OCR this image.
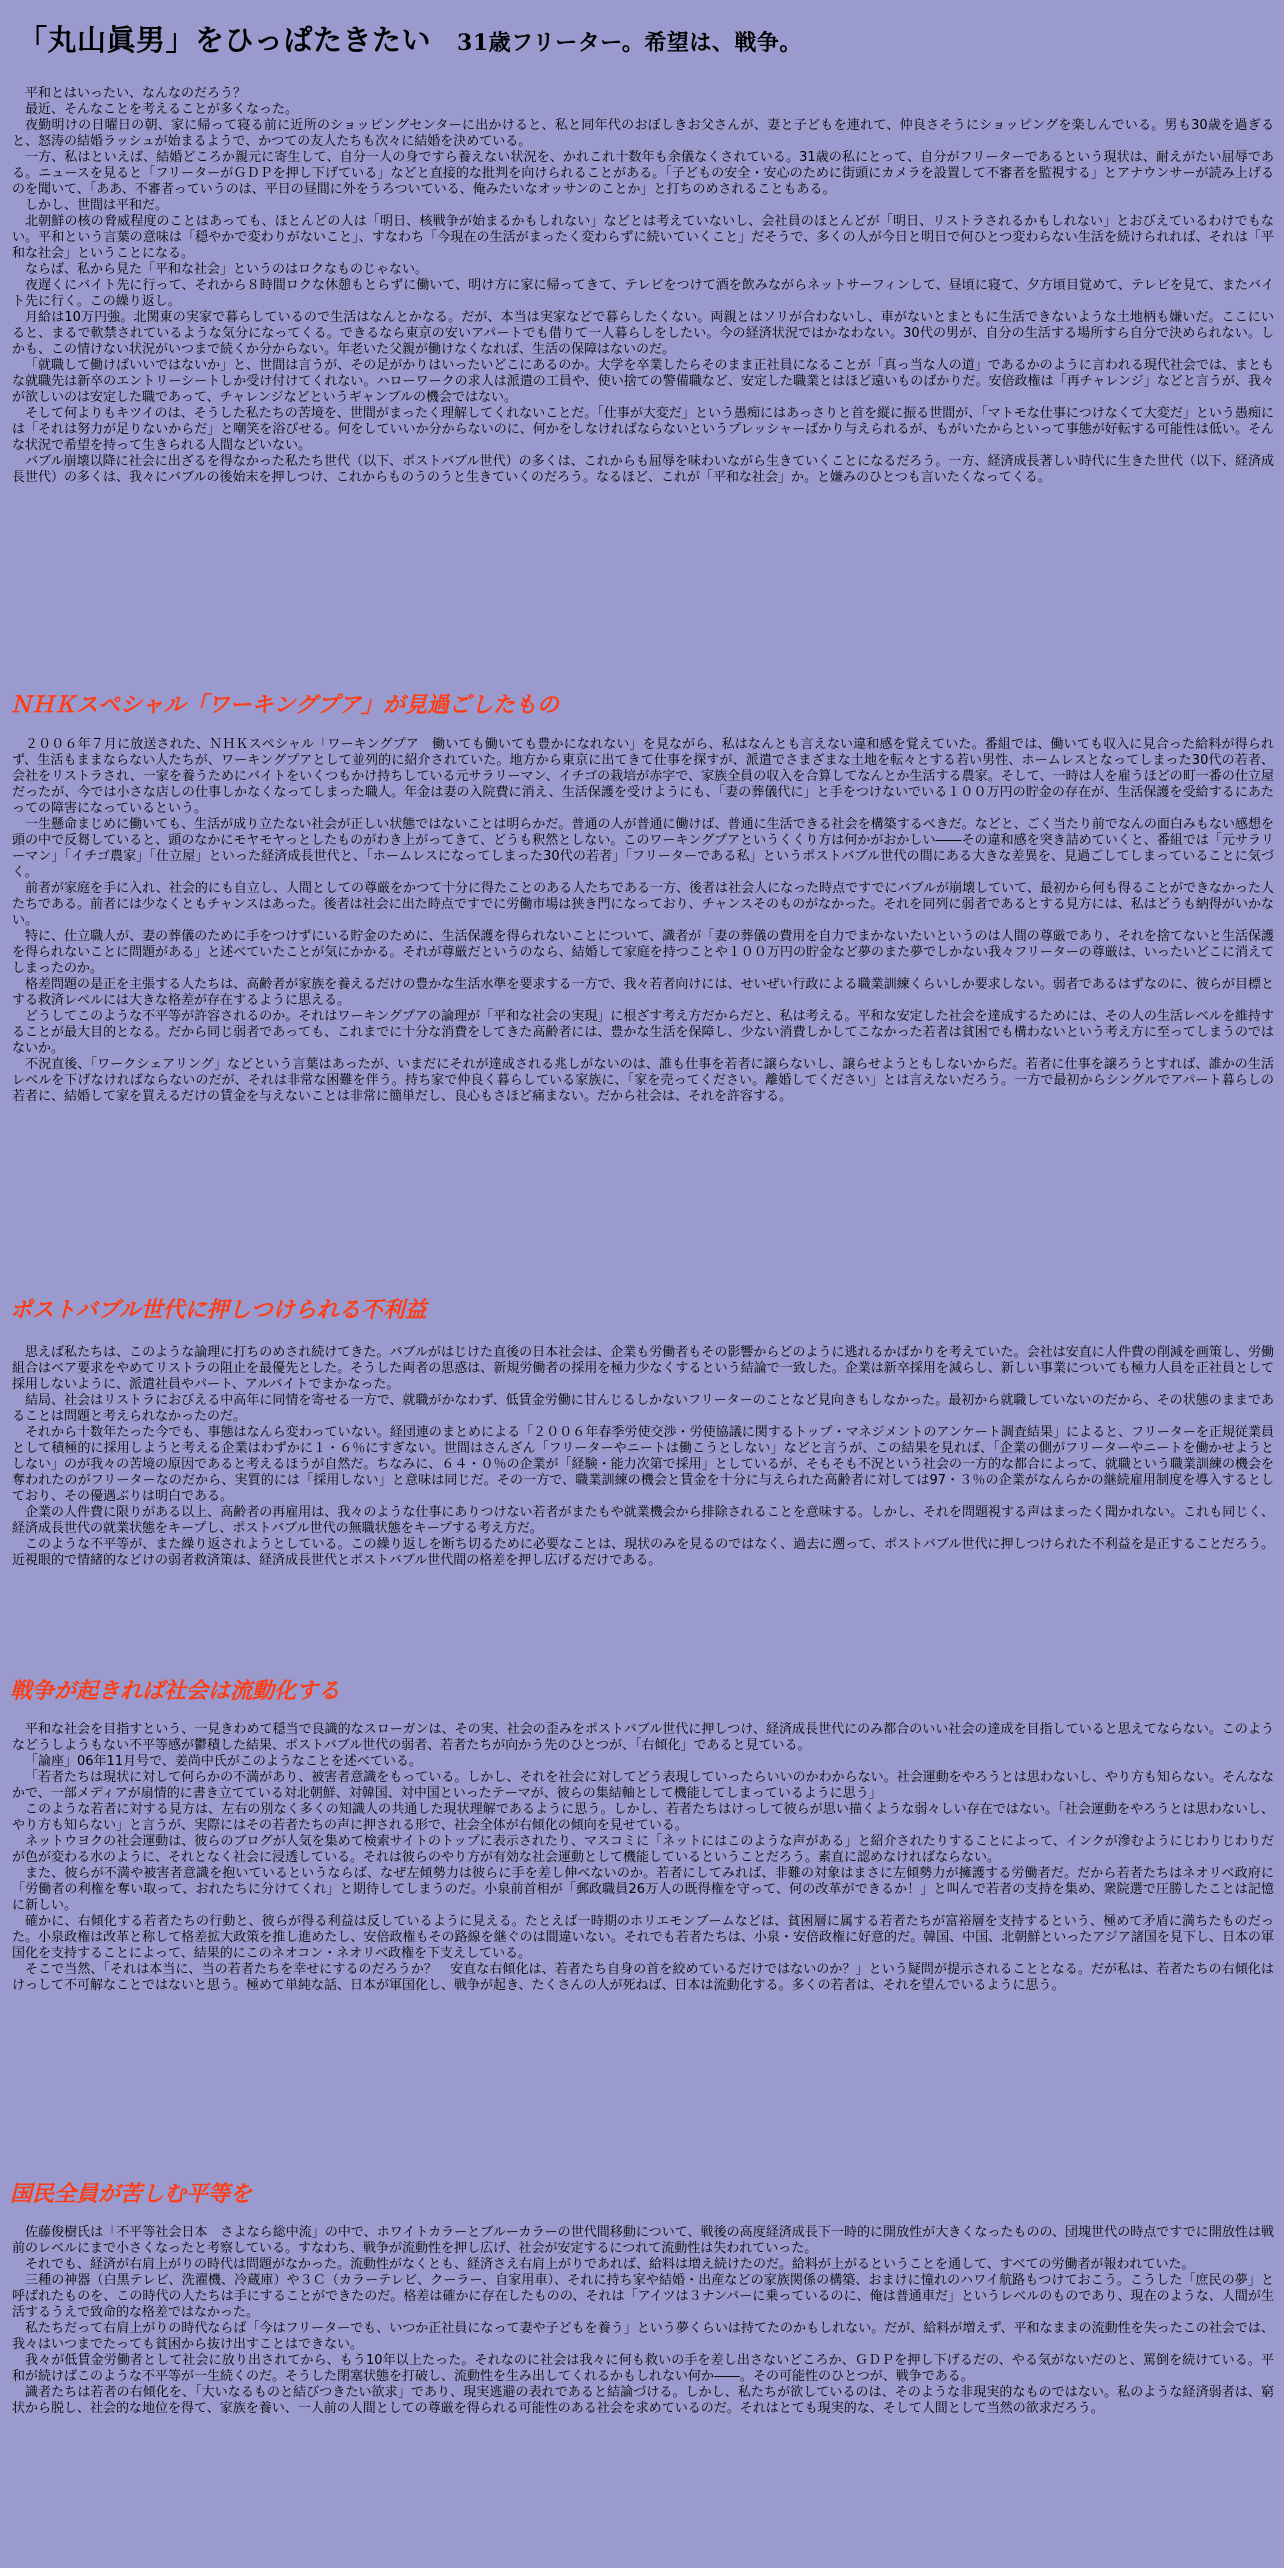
「丸山眞男」をひっぱたきたい 31歳フリーター。希望は、戦争。

平和とはいったい、なんなのだろう？

最近、そんなことを考えることが多くなった。

夜勤明けの日曜日の朝、家に帰って寝る前に近所のショッピングセンターに出かけると、私と同年代のおぼしきお父さんが、妻と子どもを連れて、仲良さそうにショッピングを楽しんでいる。男も30歳を過ぎると、怒涛の結婚ラッシュが始まるようで、かつての友人たちも次々に結婚を決めている。

一方、私はといえば、結婚どころか親元に寄生して、自分一人の身ですら養えない状況を、かれこれ十数年も余儀なくされている。31歳の私にとって、自分がフリーターであるという現状は、耐えがたい屈辱である。ニュースを見ると「フリーターがＧＤＰを押し下げている」などと直接的な批判を向けられることがある。「子どもの安全・安心のために街頭にカメラを設置して不審者を監視する」とアナウンサーが読み上げるのを聞いて、「ああ、不審者っていうのは、平日の昼間に外をうろついている、俺みたいなオッサンのことか」と打ちのめされることもある。

しかし、世間は平和だ。

北朝鮮の核の脅威程度のことはあっても、ほとんどの人は「明日、核戦争が始まるかもしれない」などとは考えていないし、会社員のほとんどが「明日、リストラされるかもしれない」とおびえているわけでもない。平和という言葉の意味は「穏やかで変わりがないこと」、すなわち「今現在の生活がまったく変わらずに続いていくこと」だそうで、多くの人が今日と明日で何ひとつ変わらない生活を続けられれば、それは「平和な社会」ということになる。

ならば、私から見た「平和な社会」というのはロクなものじゃない。

夜遅くにバイト先に行って、それから８時間ロクな休憩もとらずに働いて、明け方に家に帰ってきて、テレビをつけて酒を飲みながらネットサーフィンして、昼頃に寝て、夕方頃目覚めて、テレビを見て、またバイト先に行く。この繰り返し。

月給は10万円強。北関東の実家で暮らしているので生活はなんとかなる。だが、本当は実家などで暮らしたくない。両親とはソリが合わないし、車がないとまともに生活できないような土地柄も嫌いだ。ここにいると、まるで軟禁されているような気分になってくる。できるなら東京の安いアパートでも借りて一人暮らしをしたい。今の経済状況ではかなわない。30代の男が、自分の生活する場所すら自分で決められない。しかも、この情けない状況がいつまで続くか分からない。年老いた父親が働けなくなれば、生活の保障はないのだ。

「就職して働けばいいではないか」と、世間は言うが、その足がかりはいったいどこにあるのか。大学を卒業したらそのまま正社員になることが「真っ当な人の道」であるかのように言われる現代社会では、まともな就職先は新卒のエントリーシートしか受け付けてくれない。ハローワークの求人は派遣の工員や、使い捨ての警備職など、安定した職業とはほど遠いものばかりだ。安倍政権は「再チャレンジ」などと言うが、我々が欲しいのは安定した職であって、チャレンジなどというギャンブルの機会ではない。

そして何よりもキツイのは、そうした私たちの苦境を、世間がまったく理解してくれないことだ。「仕事が大変だ」という愚痴にはあっさりと首を縦に振る世間が、「マトモな仕事につけなくて大変だ」という愚痴には「それは努力が足りないからだ」と嘲笑を浴びせる。何をしていいか分からないのに、何かをしなければならないというプレッシャーばかり与えられるが、もがいたからといって事態が好転する可能性は低い。そんな状況で希望を持って生きられる人間などいない。

バブル崩壊以降に社会に出ざるを得なかった私たち世代（以下、ポストバブル世代）の多くは、これからも屈辱を味わいながら生きていくことになるだろう。一方、経済成長著しい時代に生きた世代（以下、経済成長世代）の多くは、我々にバブルの後始末を押しつけ、これからものうのうと生きていくのだろう。なるほど、これが「平和な社会」か。と嫌みのひとつも言いたくなってくる。

ＮＨＫスペシャル「ワーキングプア」が見過ごしたもの

２００６年７月に放送された、ＮＨＫスペシャル「ワーキングプア　働いても働いても豊かになれない」を見ながら、私はなんとも言えない違和感を覚えていた。番組では、働いても収入に見合った給料が得られず、生活もままならない人たちが、ワーキングプアとして並列的に紹介されていた。地方から東京に出てきて仕事を探すが、派遣でさまざまな土地を転々とする若い男性、ホームレスとなってしまった30代の若者、会社をリストラされ、一家を養うためにバイトをいくつもかけ持ちしている元サラリーマン、イチゴの栽培が赤字で、家族全員の収入を合算してなんとか生活する農家。そして、一時は人を雇うほどの町一番の仕立屋だったが、今では小さな店しの仕事しかなくなってしまった職人。年金は妻の入院費に消え、生活保護を受けようにも、「妻の葬儀代に」と手をつけないでいる１００万円の貯金の存在が、生活保護を受給するにあたっての障害になっているという。

一生懸命まじめに働いても、生活が成り立たない社会が正しい状態ではないことは明らかだ。普通の人が普通に働けば、普通に生活できる社会を構築するべきだ。などと、ごく当たり前でなんの面白みもない感想を頭の中で反芻していると、頭のなかにモヤモヤっとしたものがわき上がってきて、どうも釈然としない。このワーキングプアというくくり方は何かがおかしい――その違和感を突き詰めていくと、番組では「元サラリーマン」「イチゴ農家」「仕立屋」といった経済成長世代と、「ホームレスになってしまった30代の若者」「フリーターである私」というポストバブル世代の間にある大きな差異を、見過ごしてしまっていることに気づく。

前者が家庭を手に入れ、社会的にも自立し、人間としての尊厳をかつて十分に得たことのある人たちである一方、後者は社会人になった時点ですでにバブルが崩壊していて、最初から何も得ることができなかった人たちである。前者には少なくともチャンスはあった。後者は社会に出た時点ですでに労働市場は狭き門になっており、チャンスそのものがなかった。それを同列に弱者であるとする見方には、私はどうも納得がいかない。

特に、仕立職人が、妻の葬儀のために手をつけずにいる貯金のために、生活保護を得られないことについて、識者が「妻の葬儀の費用を自力でまかないたいというのは人間の尊厳であり、それを捨てないと生活保護を得られないことに問題がある」と述べていたことが気にかかる。それが尊厳だというのなら、結婚して家庭を持つことや１００万円の貯金など夢のまた夢でしかない我々フリーターの尊厳は、いったいどこに消えてしまったのか。

格差問題の是正を主張する人たちは、高齢者が家族を養えるだけの豊かな生活水準を要求する一方で、我々若者向けには、せいぜい行政による職業訓練くらいしか要求しない。弱者であるはずなのに、彼らが目標とする救済レベルには大きな格差が存在するように思える。

どうしてこのような不平等が許容されるのか。それはワーキングプアの論理が「平和な社会の実現」に根ざす考え方だからだと、私は考える。平和な安定した社会を達成するためには、その人の生活レベルを維持することが最大目的となる。だから同じ弱者であっても、これまでに十分な消費をしてきた高齢者には、豊かな生活を保障し、少ない消費しかしてこなかった若者は貧困でも構わないという考え方に至ってしまうのではないか。

不況直後、「ワークシェアリング」などという言葉はあったが、いまだにそれが達成される兆しがないのは、誰も仕事を若者に譲らないし、譲らせようともしないからだ。若者に仕事を譲ろうとすれば、誰かの生活レベルを下げなければならないのだが、それは非常な困難を伴う。持ち家で仲良く暮らしている家族に、「家を売ってください。離婚してください」とは言えないだろう。一方で最初からシングルでアパート暮らしの若者に、結婚して家を買えるだけの賃金を与えないことは非常に簡単だし、良心もさほど痛まない。だから社会は、それを許容する。

ポストバブル世代に押しつけられる不利益

思えば私たちは、このような論理に打ちのめされ続けてきた。バブルがはじけた直後の日本社会は、企業も労働者もその影響からどのように逃れるかばかりを考えていた。会社は安直に人件費の削減を画策し、労働組合はベア要求をやめてリストラの阻止を最優先とした。そうした両者の思惑は、新規労働者の採用を極力少なくするという結論で一致した。企業は新卒採用を減らし、新しい事業についても極力人員を正社員として採用しないように、派遣社員やパート、アルバイトでまかなった。

結局、社会はリストラにおびえる中高年に同情を寄せる一方で、就職がかなわず、低賃金労働に甘んじるしかないフリーターのことなど見向きもしなかった。最初から就職していないのだから、その状態のままであることは問題と考えられなかったのだ。

それから十数年たった今でも、事態はなんら変わっていない。経団連のまとめによる「２００６年春季労使交渉・労使協議に関するトップ・マネジメントのアンケート調査結果」によると、フリーターを正規従業員として積極的に採用しようと考える企業はわずかに１・６％にすぎない。世間はさんざん「フリーターやニートは働こうとしない」などと言うが、この結果を見れば、「企業の側がフリーターやニートを働かせようとしない」のが我々の苦境の原因であると考えるほうが自然だ。ちなみに、６４・０％の企業が「経験・能力次第で採用」としているが、そもそも不況という社会の一方的な都合によって、就職という職業訓練の機会を奪われたのがフリーターなのだから、実質的には「採用しない」と意味は同じだ。その一方で、職業訓練の機会と賃金を十分に与えられた高齢者に対しては97・３％の企業がなんらかの継続雇用制度を導入するとしており、その優遇ぶりは明白である。

企業の人件費に限りがある以上、高齢者の再雇用は、我々のような仕事にありつけない若者がまたもや就業機会から排除されることを意味する。しかし、それを問題視する声はまったく聞かれない。これも同じく、経済成長世代の就業状態をキープし、ポストバブル世代の無職状態をキープする考え方だ。

このような不平等が、また繰り返されようとしている。この繰り返しを断ち切るために必要なことは、現状のみを見るのではなく、過去に遡って、ポストバブル世代に押しつけられた不利益を是正することだろう。近視眼的で情緒的などけの弱者救済策は、経済成長世代とポストバブル世代間の格差を押し広げるだけである。

戦争が起きれば社会は流動化する

平和な社会を目指すという、一見きわめて穏当で良識的なスローガンは、その実、社会の歪みをポストバブル世代に押しつけ、経済成長世代にのみ都合のいい社会の達成を目指していると思えてならない。このようなどうしようもない不平等感が鬱積した結果、ポストバブル世代の弱者、若者たちが向かう先のひとつが、「右傾化」であると見ている。

「論座」06年11月号で、姜尚中氏がこのようなことを述べている。

「若者たちは現状に対して何らかの不満があり、被害者意識をもっている。しかし、それを社会に対してどう表現していったらいいのかわからない。社会運動をやろうとは思わないし、やり方も知らない。そんななかで、一部メディアが扇情的に書き立てている対北朝鮮、対韓国、対中国といったテーマが、彼らの集結軸として機能してしまっているように思う」

このような若者に対する見方は、左右の別なく多くの知識人の共通した現状理解であるように思う。しかし、若者たちはけっして彼らが思い描くような弱々しい存在ではない。「社会運動をやろうとは思わないし、やり方も知らない」と言うが、実際にはその若者たちの声に押される形で、社会全体が右傾化の傾向を見せている。

ネットウヨクの社会運動は、彼らのブログが人気を集めて検索サイトのトップに表示されたり、マスコミに「ネットにはこのような声がある」と紹介されたりすることによって、インクが滲むようにじわりじわりだが色が変わる水のように、それとなく社会に浸透している。それは彼らのやり方が有効な社会運動として機能しているということだろう。素直に認めなければならない。

また、彼らが不満や被害者意識を抱いているというならば、なぜ左傾勢力は彼らに手を差し伸べないのか。若者にしてみれば、非難の対象はまさに左傾勢力が擁護する労働者だ。だから若者たちはネオリベ政府に「労働者の利権を奪い取って、おれたちに分けてくれ」と期待してしまうのだ。小泉前首相が「郵政職員26万人の既得権を守って、何の改革ができるか！」と叫んで若者の支持を集め、衆院選で圧勝したことは記憶に新しい。

確かに、右傾化する若者たちの行動と、彼らが得る利益は反しているように見える。たとえば一時期のホリエモンブームなどは、貧困層に属する若者たちが富裕層を支持するという、極めて矛盾に満ちたものだった。小泉政権は改革と称して格差拡大政策を推し進めたし、安倍政権もその路線を継ぐのは間違いない。それでも若者たちは、小泉・安倍政権に好意的だ。韓国、中国、北朝鮮といったアジア諸国を見下し、日本の軍国化を支持することによって、結果的にこのネオコン・ネオリベ政権を下支えしている。

そこで当然、「それは本当に、当の若者たちを幸せにするのだろうか？　安直な右傾化は、若者たち自身の首を絞めているだけではないのか？」という疑問が提示されることとなる。だが私は、若者たちの右傾化はけっして不可解なことではないと思う。極めて単純な話、日本が軍国化し、戦争が起き、たくさんの人が死ねば、日本は流動化する。多くの若者は、それを望んでいるように思う。

国民全員が苦しむ平等を

佐藤俊樹氏は「不平等社会日本　さよなら総中流」の中で、ホワイトカラーとブルーカラーの世代間移動について、戦後の高度経済成長下一時的に開放性が大きくなったものの、団塊世代の時点ですでに開放性は戦前のレベルにまで小さくなったと考察している。すなわち、戦争が流動性を押し広げ、社会が安定するにつれて流動性は失われていった。

それでも、経済が右肩上がりの時代は問題がなかった。流動性がなくとも、経済さえ右肩上がりであれば、給料は増え続けたのだ。給料が上がるということを通して、すべての労働者が報われていた。

三種の神器（白黒テレビ、洗濯機、冷蔵庫）や３Ｃ（カラーテレビ、クーラー、自家用車）、それに持ち家や結婚・出産などの家族関係の構築、おまけに憧れのハワイ航路もつけておこう。こうした「庶民の夢」と呼ばれたものを、この時代の人たちは手にすることができたのだ。格差は確かに存在したものの、それは「アイツは３ナンバーに乗っているのに、俺は普通車だ」というレベルのものであり、現在のような、人間が生活するうえで致命的な格差ではなかった。

私たちだって右肩上がりの時代ならば「今はフリーターでも、いつか正社員になって妻や子どもを養う」という夢くらいは持てたのかもしれない。だが、給料が増えず、平和なままの流動性を失ったこの社会では、我々はいつまでたっても貧困から抜け出すことはできない。

我々が低賃金労働者として社会に放り出されてから、もう10年以上たった。それなのに社会は我々に何も救いの手を差し出さないどころか、ＧＤＰを押し下げるだの、やる気がないだのと、罵倒を続けている。平和が続けばこのような不平等が一生続くのだ。そうした閉塞状態を打破し、流動性を生み出してくれるかもしれない何か――。その可能性のひとつが、戦争である。

識者たちは若者の右傾化を、「大いなるものと結びつきたい欲求」であり、現実逃避の表れであると結論づける。しかし、私たちが欲しているのは、そのような非現実的なものではない。私のような経済弱者は、窮状から脱し、社会的な地位を得て、家族を養い、一人前の人間としての尊厳を得られる可能性のある社会を求めているのだ。それはとても現実的な、そして人間として当然の欲求だろう。
